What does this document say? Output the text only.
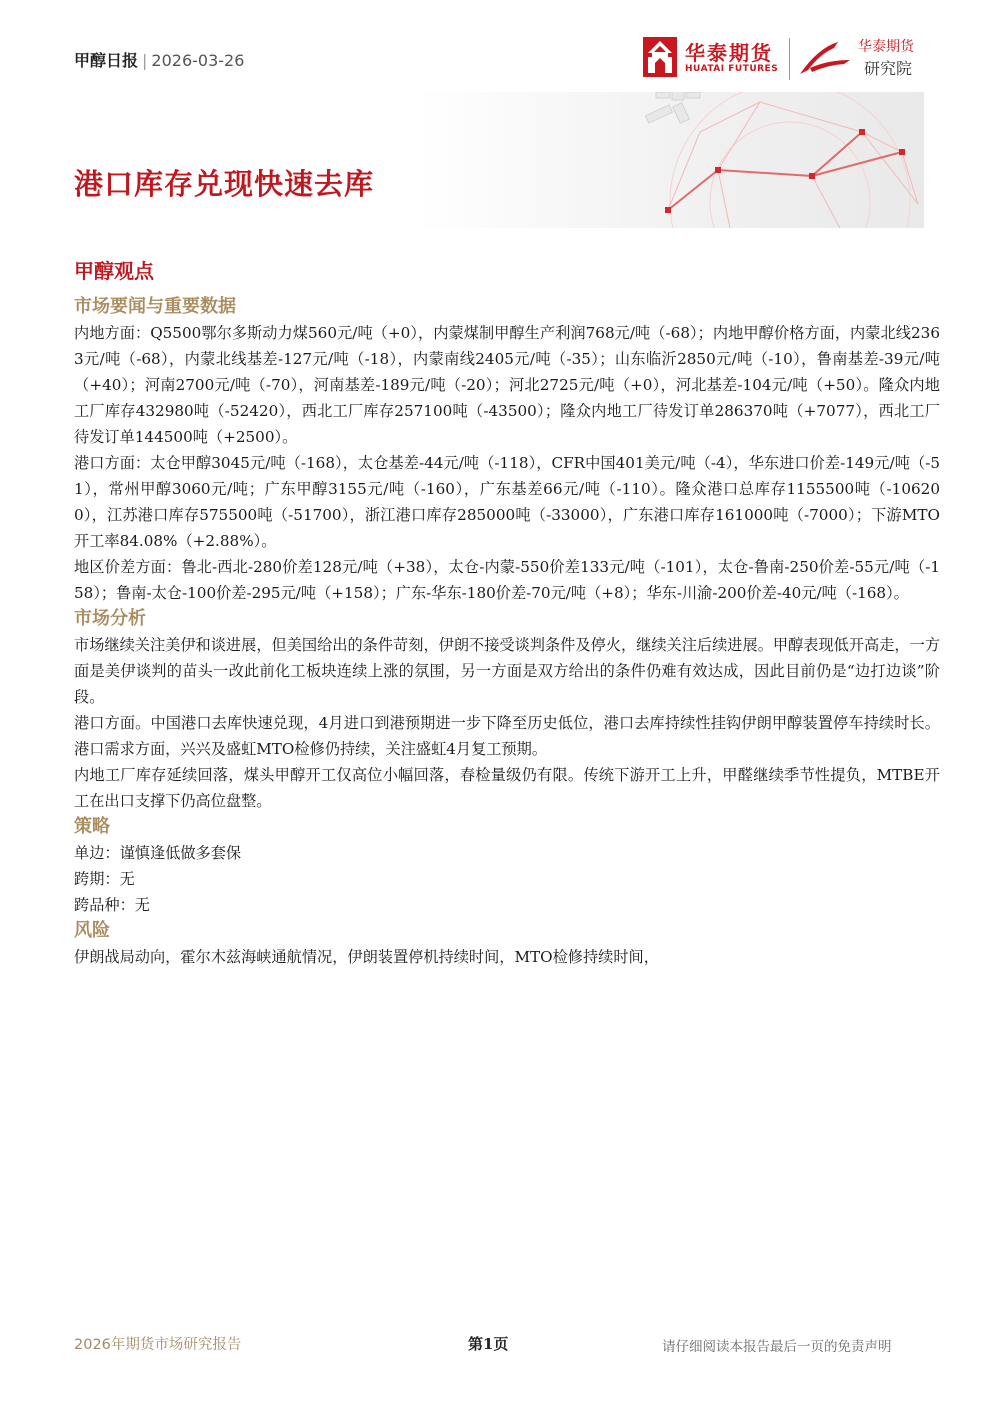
甲醇日报 | 2026-03-26	华泰期货
HUATAI FUTURES
华泰期货
研究院
港口库存兑现快速去库
甲醇观点
市场要闻与重要数据

内地方面：Q5500鄂尔多斯动力煤560元/吨（+0），内蒙煤制甲醇生产利润768元/吨（-68）；内地甲醇价格方面，内蒙北线2363元/吨（-68），内蒙北线基差-127元/吨（-18），内蒙南线2405元/吨（-35）；山东临沂2850元/吨（-10），鲁南基差-39元/吨（+40）；河南2700元/吨（-70），河南基差-189元/吨（-20）；河北2725元/吨（+0），河北基差-104元/吨（+50）。隆众内地工厂库存432980吨（-52420），西北工厂库存257100吨（-43500）；隆众内地工厂待发订单286370吨（+7077），西北工厂待发订单144500吨（+2500）。

港口方面：太仓甲醇3045元/吨（-168），太仓基差-44元/吨（-118），CFR中国401美元/吨（-4），华东进口价差-149元/吨（-51），常州甲醇3060元/吨；广东甲醇3155元/吨（-160），广东基差66元/吨（-110）。隆众港口总库存1155500吨（-106200），江苏港口库存575500吨（-51700），浙江港口库存285000吨（-33000），广东港口库存161000吨（-7000）；下游MTO开工率84.08%（+2.88%）。

地区价差方面：鲁北-西北-280价差128元/吨（+38），太仓-内蒙-550价差133元/吨（-101），太仓-鲁南-250价差-55元/吨（-158）；鲁南-太仓-100价差-295元/吨（+158）；广东-华东-180价差-70元/吨（+8）；华东-川渝-200价差-40元/吨（-168）。

市场分析

市场继续关注美伊和谈进展，但美国给出的条件苛刻，伊朗不接受谈判条件及停火，继续关注后续进展。甲醇表现低开高走，一方面是美伊谈判的苗头一改此前化工板块连续上涨的氛围，另一方面是双方给出的条件仍难有效达成，因此目前仍是“边打边谈”阶段。

港口方面。中国港口去库快速兑现，4月进口到港预期进一步下降至历史低位，港口去库持续性挂钩伊朗甲醇装置停车持续时长。港口需求方面，兴兴及盛虹MTO检修仍持续，关注盛虹4月复工预期。

内地工厂库存延续回落，煤头甲醇开工仅高位小幅回落，春检量级仍有限。传统下游开工上升，甲醛继续季节性提负，MTBE开工在出口支撑下仍高位盘整。

策略

单边：谨慎逢低做多套保

跨期：无

跨品种：无

风险

伊朗战局动向，霍尔木兹海峡通航情况，伊朗装置停机持续时间，MTO检修持续时间，

2026年期货市场研究报告	第1页	请仔细阅读本报告最后一页的免责声明
